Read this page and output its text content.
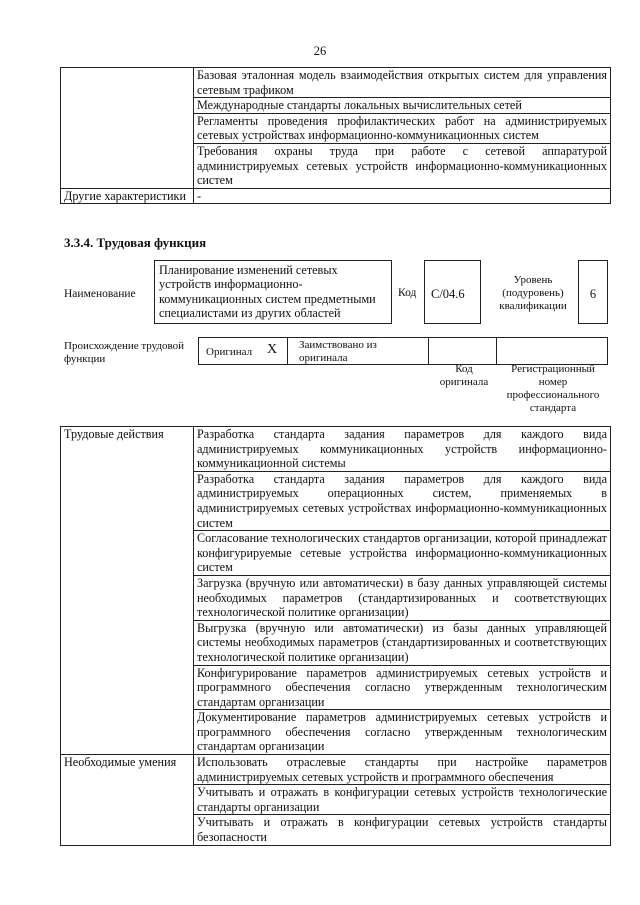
26
	Базовая эталонная модель взаимодействия открытых систем для управления сетевым трафиком
	Международные стандарты локальных вычислительных сетей
	Регламенты проведения профилактических работ на администрируемых сетевых устройствах информационно-коммуникационных систем
	Требования охраны труда при работе с сетевой аппаратурой администрируемых сетевых устройств информационно-коммуникационных систем
Другие характеристики	-
3.3.4. Трудовая функция
Наименование
Планирование изменений сетевых устройств информационно-коммуникационных систем предметными специалистами из других областей
Код	С/04.6
Уровень (подуровень) квалификации
6
Происхождение трудовой функции
Оригинал X Заимствовано из оригинала
Код оригинала
Регистрационный номер профессионального стандарта
Трудовые действия	Разработка стандарта задания параметров для каждого вида администрируемых коммуникационных устройств информационно-коммуникационной системы
	Разработка стандарта задания параметров для каждого вида администрируемых операционных систем, применяемых в администрируемых сетевых устройствах информационно-коммуникационных систем
	Согласование технологических стандартов организации, которой принадлежат конфигурируемые сетевые устройства информационно-коммуникационных систем
	Загрузка (вручную или автоматически) в базу данных управляющей системы необходимых параметров (стандартизированных и соответствующих технологической политике организации)
	Выгрузка (вручную или автоматически) из базы данных управляющей системы необходимых параметров (стандартизированных и соответствующих технологической политике организации)
	Конфигурирование параметров администрируемых сетевых устройств и программного обеспечения согласно утвержденным технологическим стандартам организации
	Документирование параметров администрируемых сетевых устройств и программного обеспечения согласно утвержденным технологическим стандартам организации
Необходимые умения	Использовать отраслевые стандарты при настройке параметров администрируемых сетевых устройств и программного обеспечения
	Учитывать и отражать в конфигурации сетевых устройств технологические стандарты организации
	Учитывать и отражать в конфигурации сетевых устройств стандарты безопасности
